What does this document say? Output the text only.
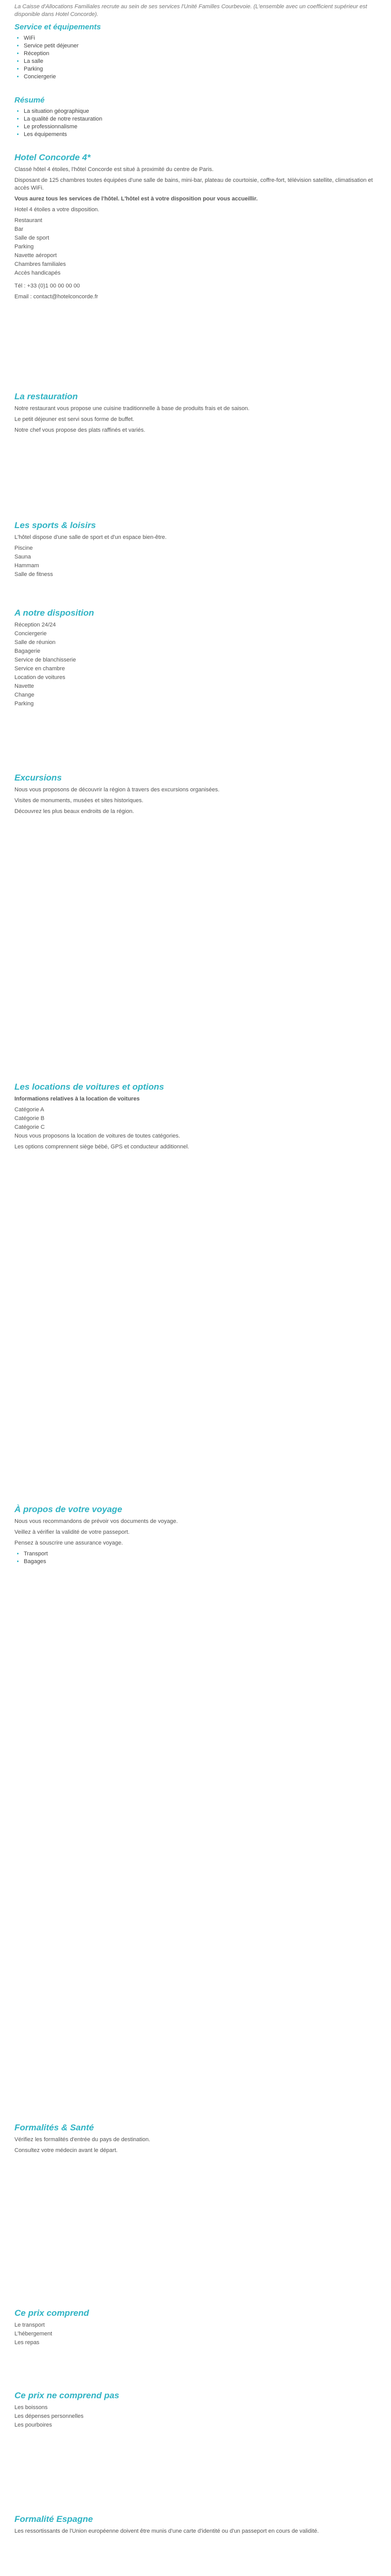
La Caisse d'Allocations Familiales recrute au sein de ses services l'Unité Familles Courbevoie. (L'ensemble avec un coefficient supérieur est disponible dans Hotel Concorde).
Service et équipements
• WiFi
• Service petit déjeuner
• Réception
• La salle
• Parking
• Conciergerie
Résumé
• La situation géographique
• La qualité de notre restauration
• Le professionnalisme
• Les équipements
Hotel Concorde 4*

Classé hôtel 4 étoiles, l'hôtel Concorde est situé à proximité du centre de Paris.

Disposant de 125 chambres toutes équipées d'une salle de bains, mini-bar, plateau de courtoisie, coffre-fort, télévision satellite, climatisation et accès WiFi.

Vous aurez tous les services de l'hôtel. L'hôtel est à votre disposition pour vous accueillir.

Hotel 4 étoiles a votre disposition.

Restaurant

Bar

Salle de sport

Parking

Navette aéroport

Chambres familiales

Accès handicapés

Tél : +33 (0)1 00 00 00 00

Email : contact@hotelconcorde.fr

La restauration

Notre restaurant vous propose une cuisine traditionnelle à base de produits frais et de saison.

Le petit déjeuner est servi sous forme de buffet.

Notre chef vous propose des plats raffinés et variés.

Les sports & loisirs

L'hôtel dispose d'une salle de sport et d'un espace bien-être.

Piscine

Sauna

Hammam

Salle de fitness

A notre disposition

Réception 24/24

Conciergerie

Salle de réunion

Bagagerie

Service de blanchisserie

Service en chambre

Location de voitures

Navette

Change

Parking

Excursions

Nous vous proposons de découvrir la région à travers des excursions organisées.

Visites de monuments, musées et sites historiques.

Découvrez les plus beaux endroits de la région.

Les locations de voitures et options

Informations relatives à la location de voitures

Catégorie A

Catégorie B

Catégorie C

Nous vous proposons la location de voitures de toutes catégories.

Les options comprennent siège bébé, GPS et conducteur additionnel.

À propos de votre voyage

Nous vous recommandons de prévoir vos documents de voyage.

Veillez à vérifier la validité de votre passeport.

Pensez à souscrire une assurance voyage.

• Transport
• Bagages
Formalités & Santé

Vérifiez les formalités d'entrée du pays de destination.

Consultez votre médecin avant le départ.

Ce prix comprend

Le transport

L'hébergement

Les repas

Ce prix ne comprend pas

Les boissons

Les dépenses personnelles

Les pourboires

Formalité Espagne

Les ressortissants de l'Union européenne doivent être munis d'une carte d'identité ou d'un passeport en cours de validité.
